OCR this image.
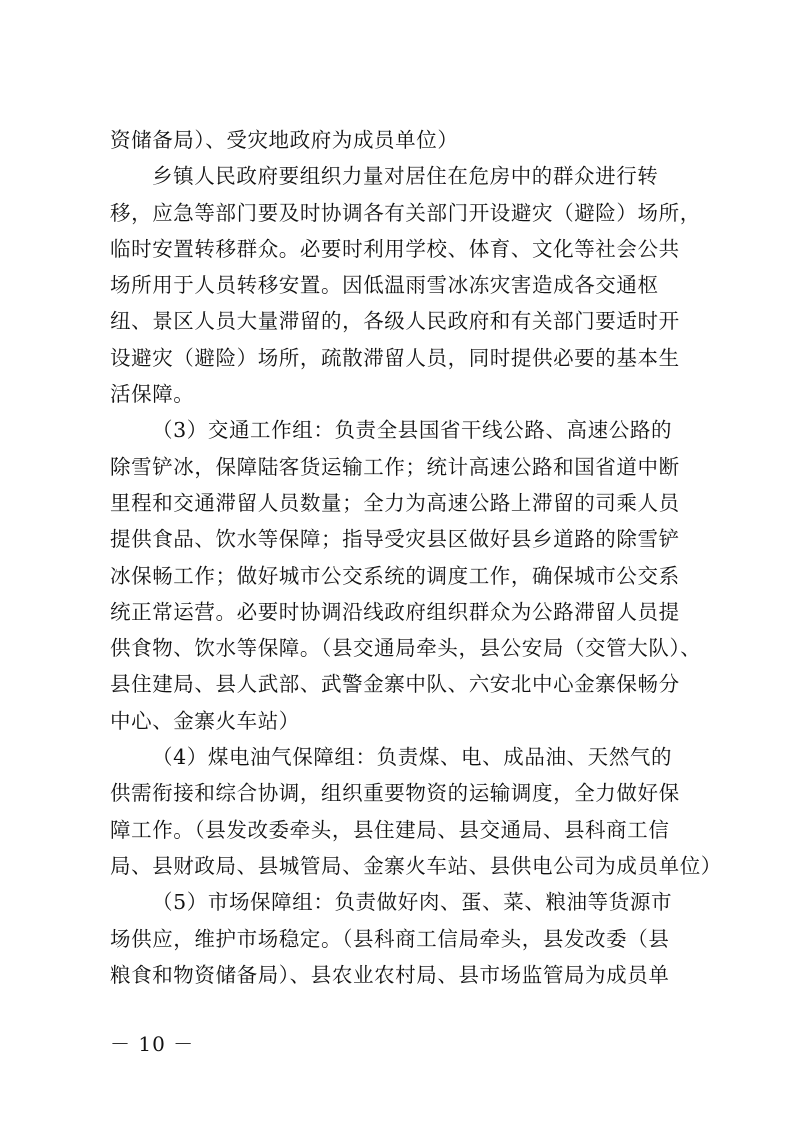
资储备局）、受灾地政府为成员单位）
乡镇人民政府要组织力量对居住在危房中的群众进行转
移，应急等部门要及时协调各有关部门开设避灾（避险）场所，
临时安置转移群众。必要时利用学校、体育、文化等社会公共
场所用于人员转移安置。因低温雨雪冰冻灾害造成各交通枢
纽、景区人员大量滞留的，各级人民政府和有关部门要适时开
设避灾（避险）场所，疏散滞留人员，同时提供必要的基本生
活保障。
（3）交通工作组：负责全县国省干线公路、高速公路的
除雪铲冰，保障陆客货运输工作；统计高速公路和国省道中断
里程和交通滞留人员数量；全力为高速公路上滞留的司乘人员
提供食品、饮水等保障；指导受灾县区做好县乡道路的除雪铲
冰保畅工作；做好城市公交系统的调度工作，确保城市公交系
统正常运营。必要时协调沿线政府组织群众为公路滞留人员提
供食物、饮水等保障。（县交通局牵头，县公安局（交管大队）、
县住建局、县人武部、武警金寨中队、六安北中心金寨保畅分
中心、金寨火车站）
（4）煤电油气保障组：负责煤、电、成品油、天然气的
供需衔接和综合协调，组织重要物资的运输调度，全力做好保
障工作。（县发改委牵头，县住建局、县交通局、县科商工信
局、县财政局、县城管局、金寨火车站、县供电公司为成员单位）
（5）市场保障组：负责做好肉、蛋、菜、粮油等货源市
场供应，维护市场稳定。（县科商工信局牵头，县发改委（县
粮食和物资储备局）、县农业农村局、县市场监管局为成员单
－ 10 －
